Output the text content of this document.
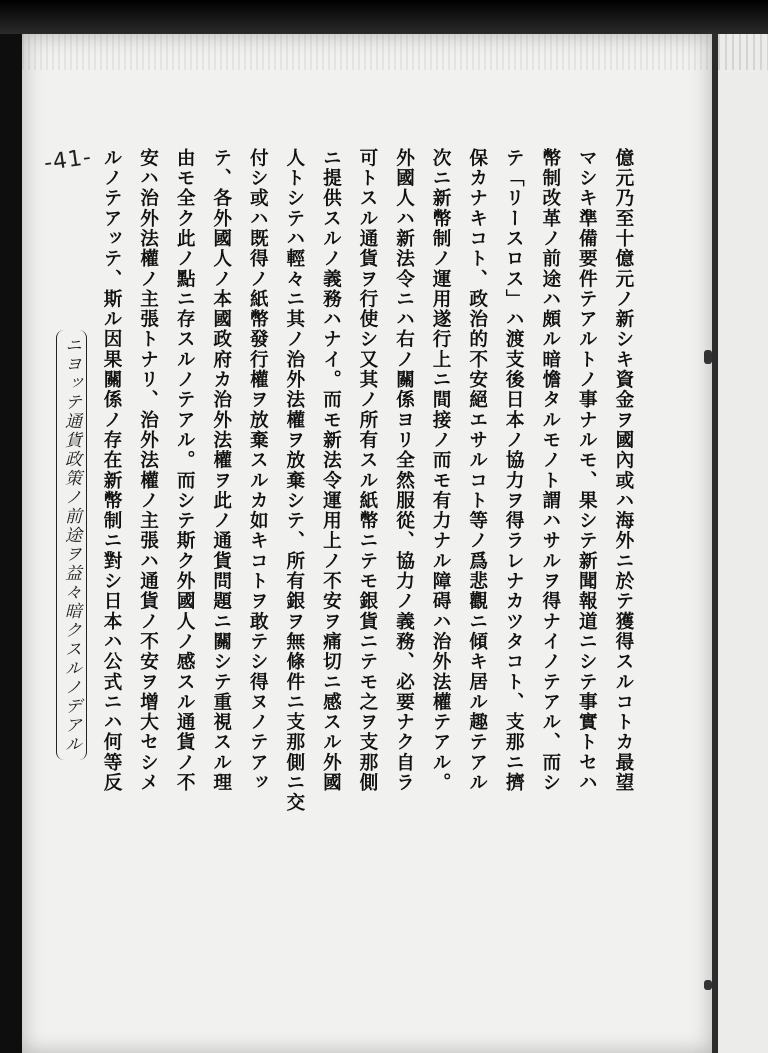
-41-	億元乃至十億元ノ新シキ資金ヲ國內或ハ海外ニ於テ獲得スルコトカ最望
マシキ準備要件テアルトノ事ナルモ、果シテ新聞報道ニシテ事實トセハ
幣制改革ノ前途ハ頗ル暗憺タルモノト謂ハサルヲ得ナイノテアル、而シ
テ「リースロス」ハ渡支後日本ノ協力ヲ得ラレナカツタコト、支那ニ擠
保カナキコト、政治的不安絕エサルコト等ノ爲悲觀ニ傾キ居ル趣テアル
次ニ新幣制ノ運用遂行上ニ間接ノ而モ有力ナル障碍ハ治外法權テアル。
外國人ハ新法令ニハ右ノ關係ヨリ全然服從、協力ノ義務、必要ナク自ラ
可トスル通貨ヲ行使シ又其ノ所有スル紙幣ニテモ銀貨ニテモ之ヲ支那側
ニ提供スルノ義務ハナイ。而モ新法令運用上ノ不安ヲ痛切ニ感スル外國
人トシテハ輕々ニ其ノ治外法權ヲ放棄シテ、所有銀ヲ無條件ニ支那側ニ交
付シ或ハ既得ノ紙幣發行權ヲ放棄スルカ如キコトヲ敢テシ得ヌノテアッ
テ、各外國人ノ本國政府カ治外法權ヲ此ノ通貨問題ニ關シテ重視スル理
由モ全ク此ノ點ニ存スルノテアル。而シテ斯ク外國人ノ感スル通貨ノ不
安ハ治外法權ノ主張トナリ、治外法權ノ主張ハ通貨ノ不安ヲ增大セシメ
ルノテアッテ、斯ル因果關係ノ存在新幣制ニ對シ日本ハ公式ニハ何等反
ニヨッテ通貨政策ノ前途ヲ益々暗クスルノデアル
